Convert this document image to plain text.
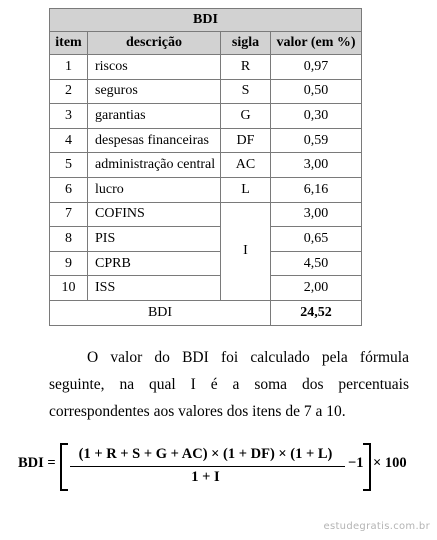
BDI			
item	descrição	sigla	valor (em %)
1	riscos	R	0,97
2	seguros	S	0,50
3	garantias	G	0,30
4	despesas financeiras	DF	0,59
5	administração central	AC	3,00
6	lucro	L	6,16
7	COFINS	I	3,00
8	PIS		0,65
9	CPRB		4,50
10	ISS		2,00
BDI			24,52
O valor do BDI foi calculado pela fórmula seguinte, na qual I é a soma dos percentuais correspondentes aos valores dos itens de 7 a 10.
BDI =
(1 + R + S + G + AC) × (1 + DF) × (1 + L)
1 + I
−1 × 100
estudegratis.com.br
